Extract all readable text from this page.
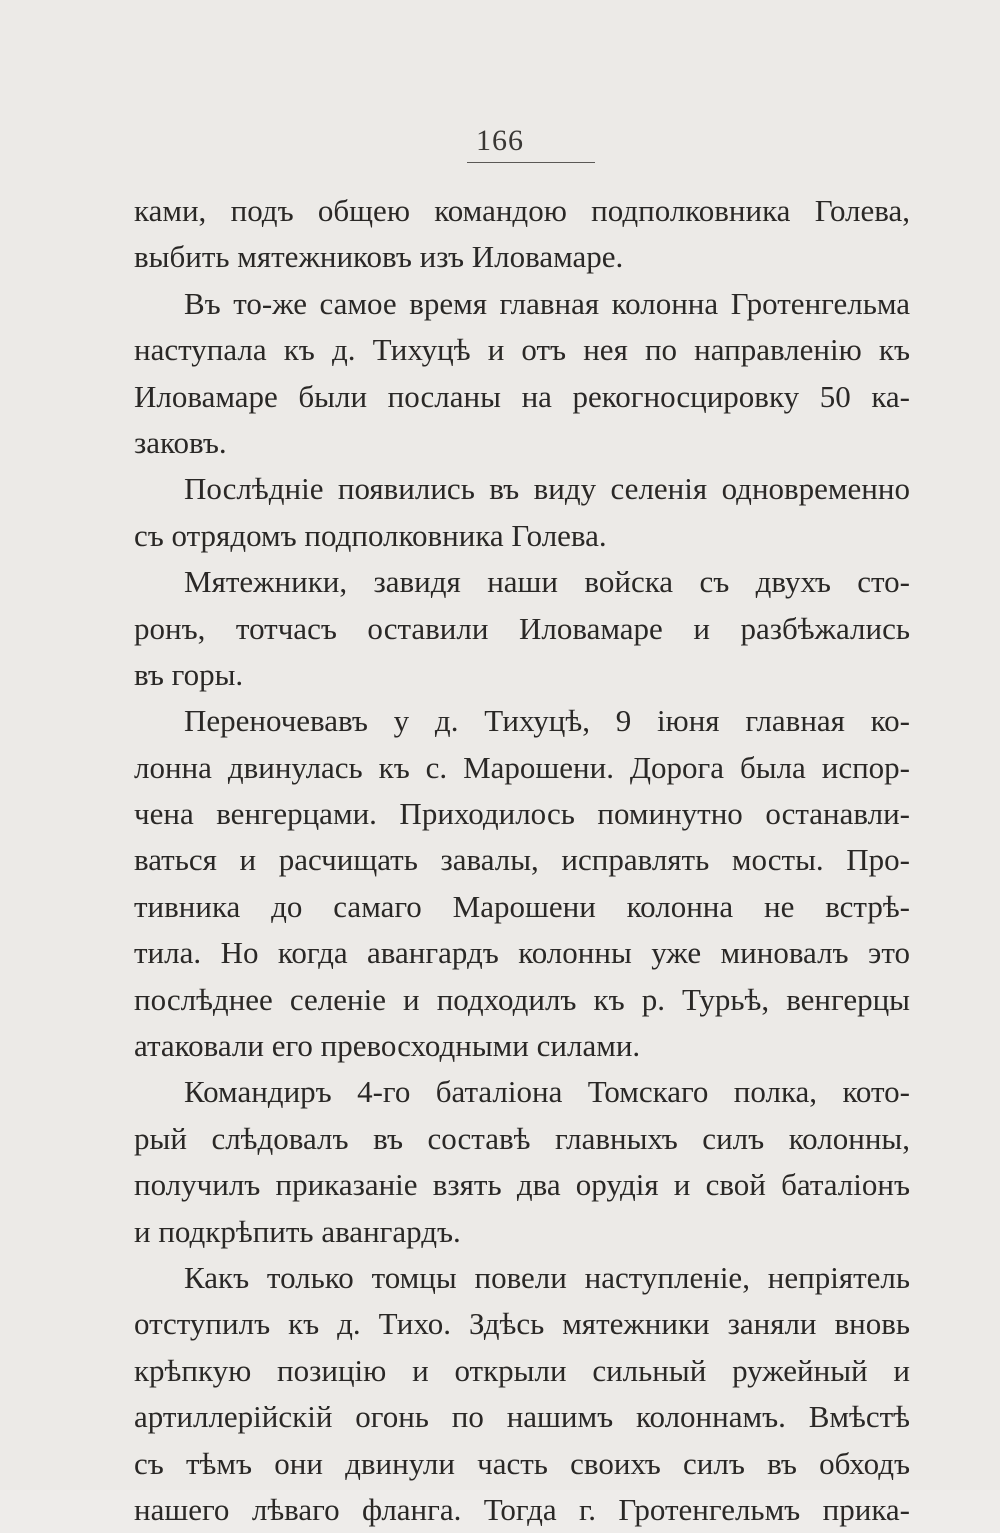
166
ками, подъ общею командою подполковника Голева,
выбить мятежниковъ изъ Иловамаре.
Въ то-же самое время главная колонна Гротенгельма
наступала къ д. Тихуцѣ и отъ нея по направленію къ
Иловамаре были посланы на рекогносцировку 50 ка-
заковъ.
Послѣдніе появились въ виду селенія одновременно
съ отрядомъ подполковника Голева.
Мятежники, завидя наши войска съ двухъ сто-
ронъ, тотчасъ оставили Иловамаре и разбѣжались
въ горы.
Переночевавъ у д. Тихуцѣ, 9 іюня главная ко-
лонна двинулась къ с. Марошени. Дорога была испор-
чена венгерцами. Приходилось поминутно останавли-
ваться и расчищать завалы, исправлять мосты. Про-
тивника до самаго Марошени колонна не встрѣ-
тила. Но когда авангардъ колонны уже миновалъ это
послѣднее селеніе и подходилъ къ р. Турьѣ, венгерцы
атаковали его превосходными силами.
Командиръ 4-го баталіона Томскаго полка, кото-
рый слѣдовалъ въ составѣ главныхъ силъ колонны,
получилъ приказаніе взять два орудія и свой баталіонъ
и подкрѣпить авангардъ.
Какъ только томцы повели наступленіе, непріятель
отступилъ къ д. Тихо. Здѣсь мятежники заняли вновь
крѣпкую позицію и открыли сильный ружейный и
артиллерійскій огонь по нашимъ колоннамъ. Вмѣстѣ
съ тѣмъ они двинули часть своихъ силъ въ обходъ
нашего лѣваго фланга. Тогда г. Гротенгельмъ прика-
